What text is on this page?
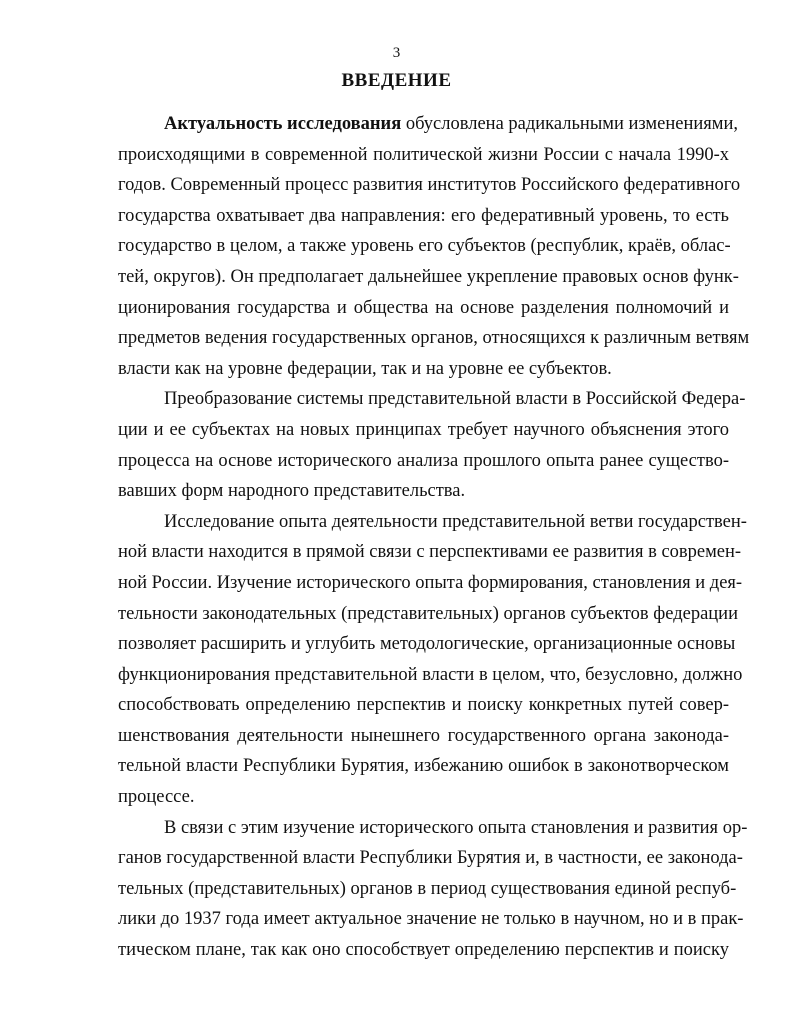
3
ВВЕДЕНИЕ
Актуальность исследования обусловлена радикальными изменениями,
происходящими в современной политической жизни России с начала 1990-х
годов. Современный процесс развития институтов Российского федеративного
государства охватывает два направления: его федеративный уровень, то есть
государство в целом, а также уровень его субъектов (республик, краёв, облас-
тей, округов). Он предполагает дальнейшее укрепление правовых основ функ-
ционирования государства и общества на основе разделения полномочий и
предметов ведения государственных органов, относящихся к различным ветвям
власти как на уровне федерации, так и на уровне ее субъектов.
Преобразование системы представительной власти в Российской Федера-
ции и ее субъектах на новых принципах требует научного объяснения этого
процесса на основе исторического анализа прошлого опыта ранее существо-
вавших форм народного представительства.
Исследование опыта деятельности представительной ветви государствен-
ной власти находится в прямой связи с перспективами ее развития в современ-
ной России. Изучение исторического опыта формирования, становления и дея-
тельности законодательных (представительных) органов субъектов федерации
позволяет расширить и углубить методологические, организационные основы
функционирования представительной власти в целом, что, безусловно, должно
способствовать определению перспектив и поиску конкретных путей совер-
шенствования деятельности нынешнего государственного органа законода-
тельной власти Республики Бурятия, избежанию ошибок в законотворческом
процессе.
В связи с этим изучение исторического опыта становления и развития ор-
ганов государственной власти Республики Бурятия и, в частности, ее законода-
тельных (представительных) органов в период существования единой респуб-
лики до 1937 года имеет актуальное значение не только в научном, но и в прак-
тическом плане, так как оно способствует определению перспектив и поиску
